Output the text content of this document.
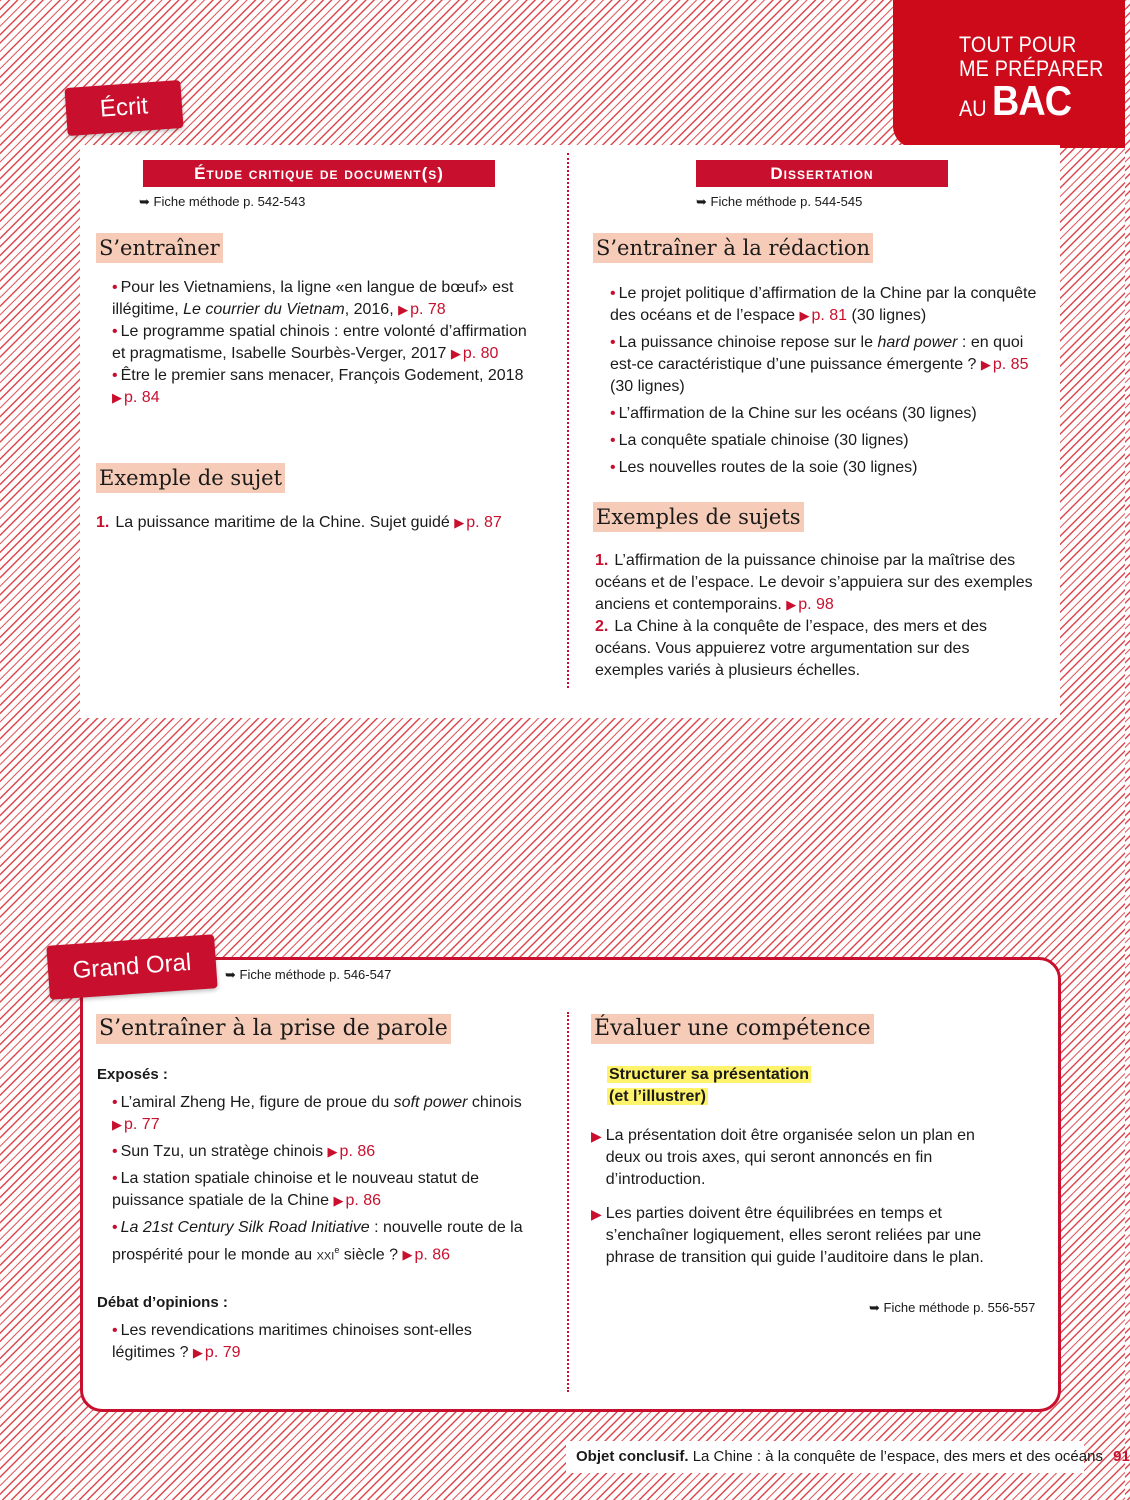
TOUT POUR
ME PRÉPARER
AU BAC
Écrit
Étude critique de document(s)
➥ Fiche méthode p. 542-543
S’entraîner

• Pour les Vietnamiens, la ligne «en langue de bœuf» est illégitime, Le courrier du Vietnam, 2016, ▶ p. 78

• Le programme spatial chinois : entre volonté d’affirmation et pragmatisme, Isabelle Sourbès-Verger, 2017 ▶ p. 80

• Être le premier sans menacer, François Godement, 2018 ▶ p. 84

Exemple de sujet
1. La puissance maritime de la Chine. Sujet guidé ▶ p. 87
Dissertation
➥ Fiche méthode p. 544-545
S’entraîner à la rédaction

• Le projet politique d’affirmation de la Chine par la conquête des océans et de l’espace ▶ p. 81 (30 lignes)

• La puissance chinoise repose sur le hard power : en quoi est-ce caractéristique d’une puissance émergente ? ▶ p. 85 (30 lignes)

• L’affirmation de la Chine sur les océans (30 lignes)

• La conquête spatiale chinoise (30 lignes)

• Les nouvelles routes de la soie (30 lignes)

Exemples de sujets

1. L’affirmation de la puissance chinoise par la maîtrise des océans et de l’espace. Le devoir s’appuiera sur des exemples anciens et contemporains. ▶ p. 98

2. La Chine à la conquête de l’espace, des mers et des océans. Vous appuierez votre argumentation sur des exemples variés à plusieurs échelles.

Grand Oral	➥ Fiche méthode p. 546-547
S’entraîner à la prise de parole
Exposés :

• L’amiral Zheng He, figure de proue du soft power chinois ▶ p. 77

• Sun Tzu, un stratège chinois ▶ p. 86

• La station spatiale chinoise et le nouveau statut de puissance spatiale de la Chine ▶ p. 86

• La 21st Century Silk Road Initiative : nouvelle route de la prospérité pour le monde au xxi$^e$ siècle ? ▶ p. 86

Débat d’opinions :

• Les revendications maritimes chinoises sont-elles légitimes ? ▶ p. 79

Évaluer une compétence
Structurer sa présentation
(et l’illustrer)

▶ La présentation doit être organisée selon un plan en deux ou trois axes, qui seront annoncés en fin d’introduction.

▶ Les parties doivent être équilibrées en temps et s’enchaîner logiquement, elles seront reliées par une phrase de transition qui guide l’auditoire dans le plan.

➥ Fiche méthode p. 556-557
Objet conclusif. La Chine : à la conquête de l’espace, des mers et des océans 91
